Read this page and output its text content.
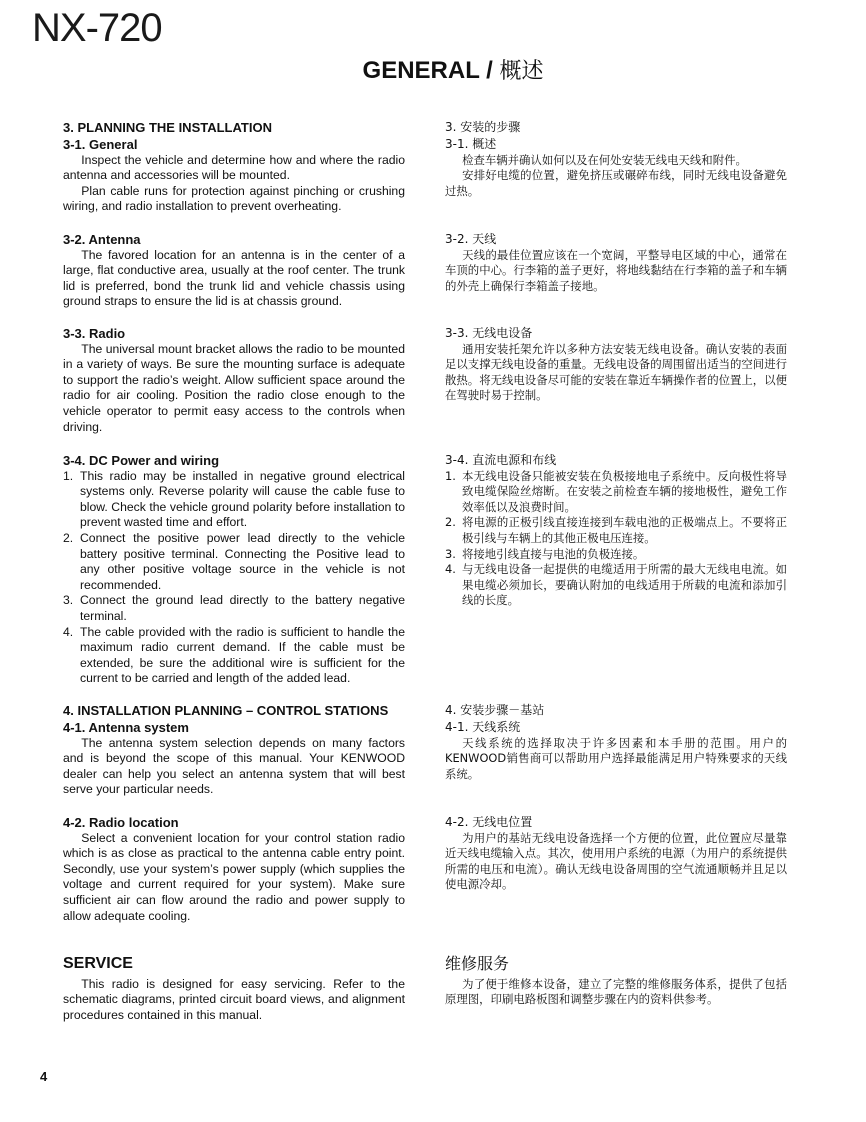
NX-720
GENERAL / 概述
3. PLANNING THE INSTALLATION	3. 安装的步骤
3-1. General

Inspect the vehicle and determine how and where the radio antenna and accessories will be mounted.

Plan cable runs for protection against pinching or crushing wiring, and radio installation to prevent overheating.

3-1. 概述

检查车辆并确认如何以及在何处安装无线电天线和附件。

安排好电缆的位置，避免挤压或碾碎布线，同时无线电设备避免过热。

3-2. Antenna

The favored location for an antenna is in the center of a large, flat conductive area, usually at the roof center. The trunk lid is preferred, bond the trunk lid and vehicle chassis using ground straps to ensure the lid is at chassis ground.

3-2. 天线

天线的最佳位置应该在一个宽阔，平整导电区域的中心，通常在车顶的中心。行李箱的盖子更好，将地线黏结在行李箱的盖子和车辆的外壳上确保行李箱盖子接地。

3-3. Radio

The universal mount bracket allows the radio to be mounted in a variety of ways. Be sure the mounting surface is adequate to support the radio’s weight. Allow sufficient space around the radio for air cooling. Position the radio close enough to the vehicle operator to permit easy access to the controls when driving.

3-3. 无线电设备

通用安装托架允许以多种方法安装无线电设备。确认安装的表面足以支撑无线电设备的重量。无线电设备的周围留出适当的空间进行散热。将无线电设备尽可能的安装在靠近车辆操作者的位置上，以便在驾驶时易于控制。

3-4. DC Power and wiring
1. This radio may be installed in negative ground electrical systems only. Reverse polarity will cause the cable fuse to blow. Check the vehicle ground polarity before installation to prevent wasted time and effort.
2. Connect the positive power lead directly to the vehicle battery positive terminal. Connecting the Positive lead to any other positive voltage source in the vehicle is not recommended.
3. Connect the ground lead directly to the battery negative terminal.
4. The cable provided with the radio is sufficient to handle the maximum radio current demand. If the cable must be extended, be sure the additional wire is sufficient for the current to be carried and length of the added lead.
3-4. 直流电源和布线
1. 本无线电设备只能被安装在负极接地电子系统中。反向极性将导致电缆保险丝熔断。在安装之前检查车辆的接地极性，避免工作效率低以及浪费时间。
2. 将电源的正极引线直接连接到车载电池的正极端点上。不要将正极引线与车辆上的其他正极电压连接。
3. 将接地引线直接与电池的负极连接。
4. 与无线电设备一起提供的电缆适用于所需的最大无线电电流。如果电缆必须加长，要确认附加的电线适用于所载的电流和添加引线的长度。
4. INSTALLATION PLANNING – CONTROL STATIONS	4. 安装步骤－基站
4-1. Antenna system

The antenna system selection depends on many factors and is beyond the scope of this manual. Your KENWOOD dealer can help you select an antenna system that will best serve your particular needs.

4-1. 天线系统

天线系统的选择取决于许多因素和本手册的范围。用户的KENWOOD销售商可以帮助用户选择最能满足用户特殊要求的天线系统。

4-2. Radio location

Select a convenient location for your control station radio which is as close as practical to the antenna cable entry point. Secondly, use your system’s power supply (which supplies the voltage and current required for your system). Make sure sufficient air can flow around the radio and power supply to allow adequate cooling.

4-2. 无线电位置

为用户的基站无线电设备选择一个方便的位置，此位置应尽量靠近天线电缆输入点。其次，使用用户系统的电源（为用户的系统提供所需的电压和电流）。确认无线电设备周围的空气流通顺畅并且足以使电源冷却。

SERVICE

This radio is designed for easy servicing. Refer to the schematic diagrams, printed circuit board views, and alignment procedures contained in this manual.

维修服务

为了便于维修本设备，建立了完整的维修服务体系，提供了包括原理图，印刷电路板图和调整步骤在内的资料供参考。

4
